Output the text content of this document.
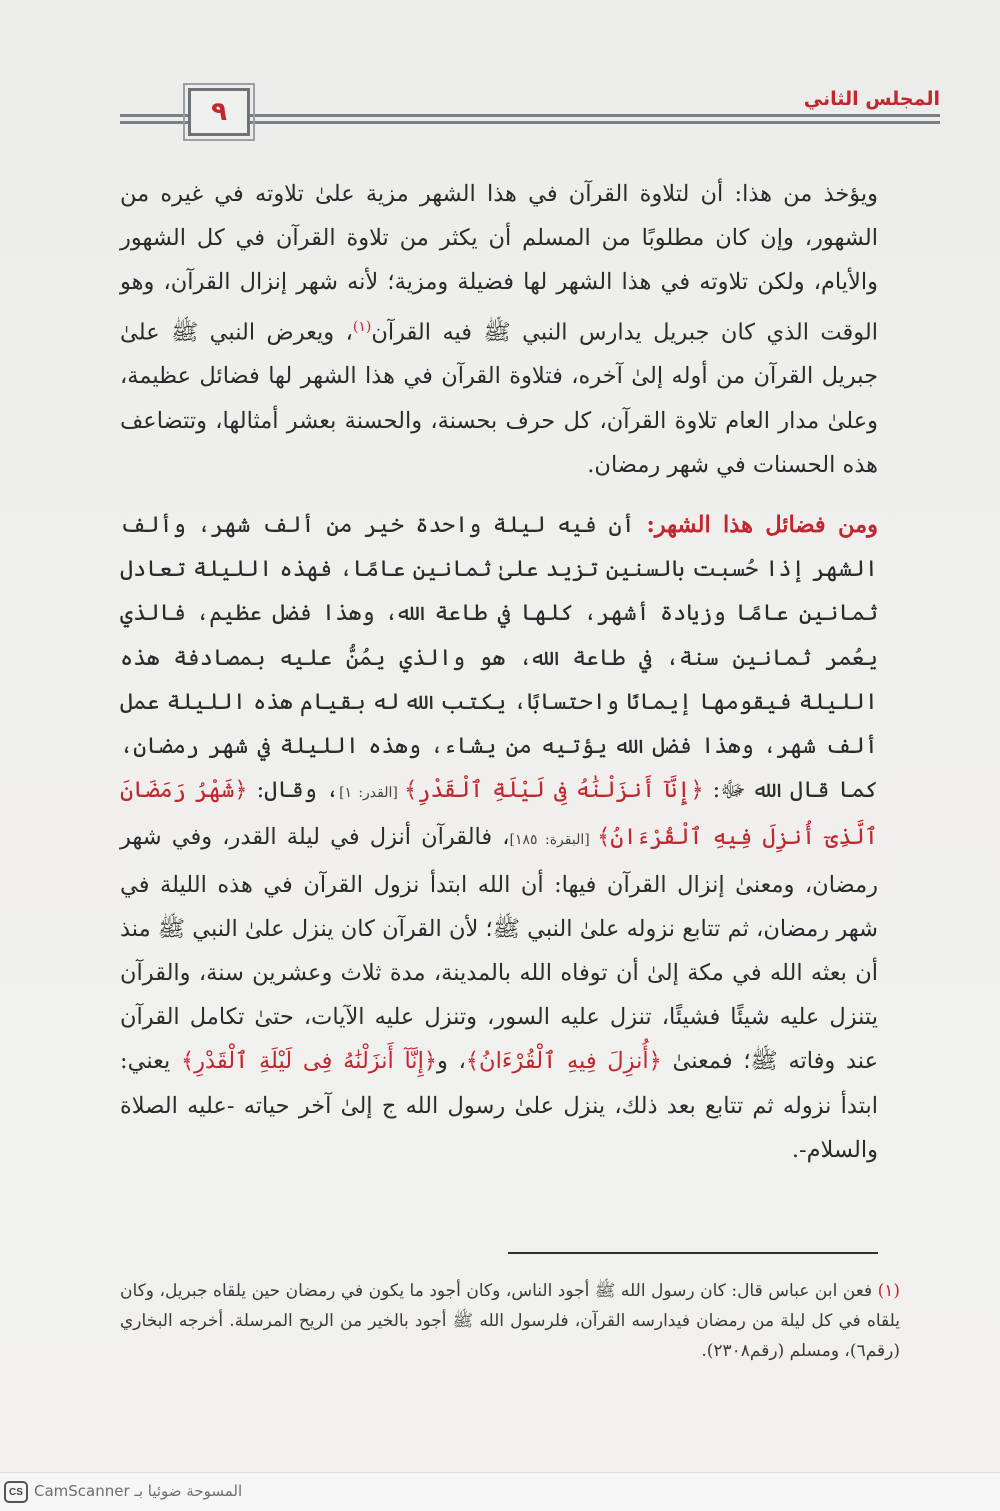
٩	المجلس الثاني

ويؤخذ من هذا: أن لتلاوة القرآن في هذا الشهر مزية علىٰ تلاوته في غيره من الشهور، وإن كان مطلوبًا من المسلم أن يكثر من تلاوة القرآن في كل الشهور والأيام، ولكن تلاوته في هذا الشهر لها فضيلة ومزية؛ لأنه شهر إنزال القرآن، وهو الوقت الذي كان جبريل يدارس النبي ﷺ فيه القرآن$^{(١)}$، ويعرض النبي ﷺ علىٰ جبريل القرآن من أوله إلىٰ آخره، فتلاوة القرآن في هذا الشهر لها فضائل عظيمة، وعلىٰ مدار العام تلاوة القرآن، كل حرف بحسنة، والحسنة بعشر أمثالها، وتتضاعف هذه الحسنات في شهر رمضان.

ومن فضائل هذا الشهر: أن فيه ليلة واحدة خير من ألف شهر، وألف الشهر إذا حُسبت بالسنين تزيد علىٰ ثمانين عامًا، فهذه الليلة تعادل ثمانين عامًا وزيادة أشهر، كلها في طاعة الله، وهذا فضل عظيم، فالذي يعُمر ثمانين سنة، في طاعة الله، هو والذي يمُنُّ عليه بمصادفة هذه الليلة فيقومها إيمانًا واحتسابًا، يكتب الله له بقيام هذه الليلة عمل ألف شهر، وهذا فضل الله يؤتيه من يشاء، وهذه الليلة في شهر رمضان، كما قال الله ﷻ: ﴿إِنَّآ أَنزَلْنَٰهُ فِى لَيْلَةِ ٱلْقَدْرِ﴾ [القدر: ١]، وقال: ﴿شَهْرُ رَمَضَانَ ٱلَّذِىٓ أُنزِلَ فِيهِ ٱلْقُرْءَانُ﴾ [البقرة: ١٨٥]، فالقرآن أنزل في ليلة القدر، وفي شهر رمضان، ومعنىٰ إنزال القرآن فيها: أن الله ابتدأ نزول القرآن في هذه الليلة في شهر رمضان، ثم تتابع نزوله علىٰ النبي ﷺ؛ لأن القرآن كان ينزل علىٰ النبي ﷺ منذ أن بعثه الله في مكة إلىٰ أن توفاه الله بالمدينة، مدة ثلاث وعشرين سنة، والقرآن يتنزل عليه شيئًا فشيئًا، تنزل عليه السور، وتنزل عليه الآيات، حتىٰ تكامل القرآن عند وفاته ﷺ؛ فمعنىٰ ﴿أُنزِلَ فِيهِ ٱلْقُرْءَانُ﴾، و﴿إِنَّآ أَنزَلْنَٰهُ فِى لَيْلَةِ ٱلْقَدْرِ﴾ يعني: ابتدأ نزوله ثم تتابع بعد ذلك، ينزل علىٰ رسول الله ج إلىٰ آخر حياته -عليه الصلاة والسلام-.

(١) فعن ابن عباس قال: كان رسول الله ﷺ أجود الناس، وكان أجود ما يكون في رمضان حين يلقاه جبريل، وكان يلقاه في كل ليلة من رمضان فيدارسه القرآن، فلرسول الله ﷺ أجود بالخير من الريح المرسلة. أخرجه البخاري (رقم٦)، ومسلم (رقم٢٣٠٨).

CS CamScanner المسوحة ضوئيا بـ
